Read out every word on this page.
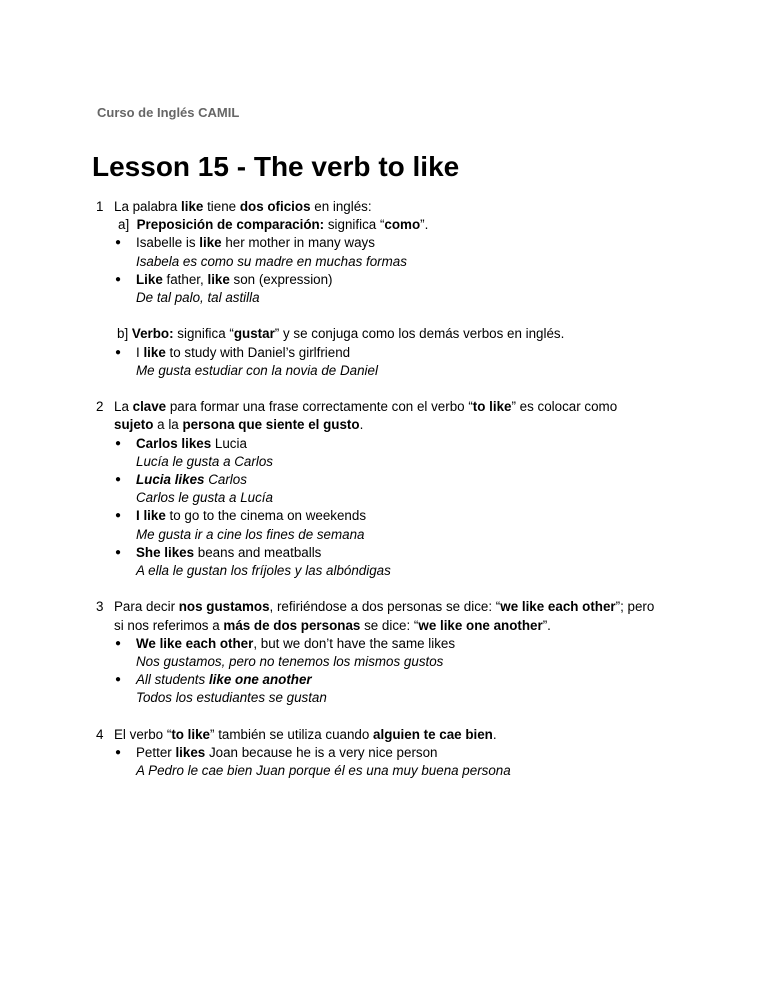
Curso de Inglés CAMIL
Lesson 15 - The verb to like
1 La palabra like tiene dos oficios en inglés:
a] Preposición de comparación: significa “como”.
● Isabelle is like her mother in many ways
Isabela es como su madre en muchas formas
● Like father, like son (expression)
De tal palo, tal astilla
b] Verbo: significa “gustar” y se conjuga como los demás verbos en inglés.
● I like to study with Daniel’s girlfriend
Me gusta estudiar con la novia de Daniel
2 La clave para formar una frase correctamente con el verbo “to like” es colocar como
sujeto a la persona que siente el gusto.
● Carlos likes Lucia
Lucía le gusta a Carlos
● Lucia likes Carlos
Carlos le gusta a Lucía
● I like to go to the cinema on weekends
Me gusta ir a cine los fines de semana
● She likes beans and meatballs
A ella le gustan los fríjoles y las albóndigas
3 Para decir nos gustamos, refiriéndose a dos personas se dice: “we like each other”; pero
si nos referimos a más de dos personas se dice: “we like one another”.
● We like each other, but we don’t have the same likes
Nos gustamos, pero no tenemos los mismos gustos
● All students like one another
Todos los estudiantes se gustan
4 El verbo “to like” también se utiliza cuando alguien te cae bien.
● Petter likes Joan because he is a very nice person
A Pedro le cae bien Juan porque él es una muy buena persona
